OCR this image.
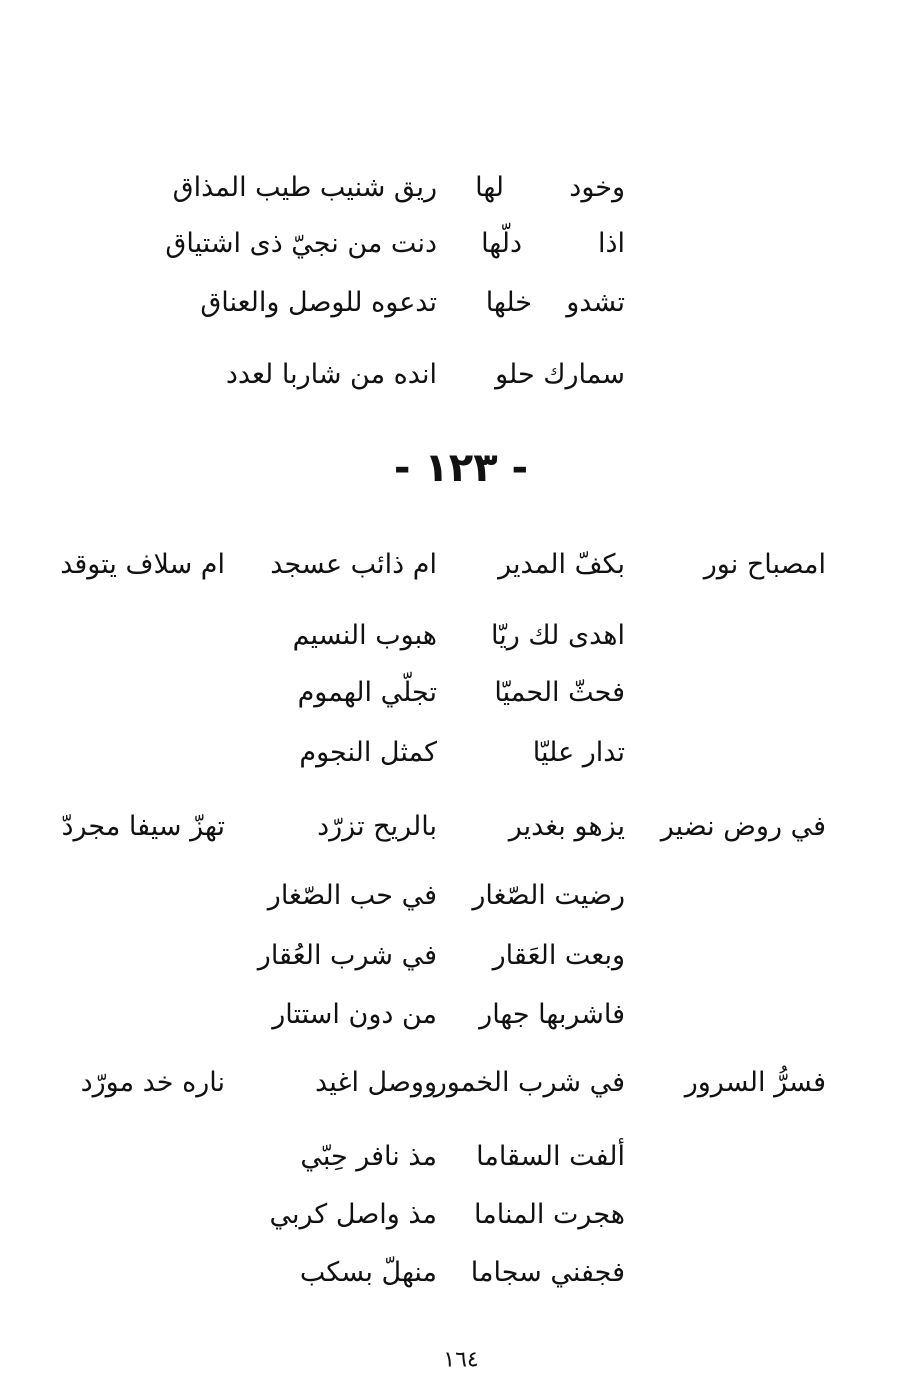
وخود
لها
ريق شنيب طيب المذاق
اذا
دلّها
دنت من نجيّ ذى اشتياق
تشدو
خلها
تدعوه للوصل والعناق
سمارك حلو
انده من شاربا لعدد
- ١٢٣ -
امصباح نور
بكفّ المدير
ام ذائب عسجد
ام سلاف يتوقد
اهدى لك ريّا
هبوب النسيم
فحثّ الحميّا
تجلّي الهموم
تدار عليّا
كمثل النجوم
في روض نضير
يزهو بغدير
بالريح تزرّد
تهزّ سيفا مجردّ
رضيت الصّغار
في حب الصّغار
وبعت العَقار
في شرب العُقار
فاشربها جهار
من دون استتار
فسرُّ السرور
في شرب الخمور
ووصل اغيد
ناره خد مورّد
ألفت السقاما
مذ نافر حِبّي
هجرت المناما
مذ واصل كربي
فجفني سجاما
منهلّ بسكب
١٦٤
